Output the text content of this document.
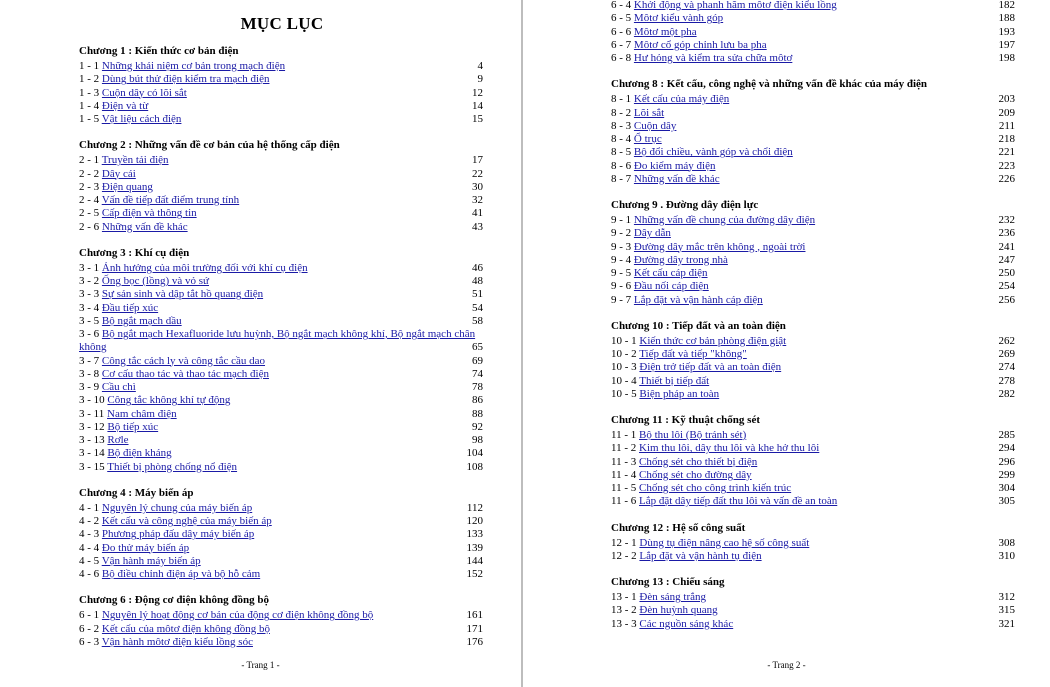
MỤC LỤC
Chương 1 : Kiến thức cơ bản điện
1 - 1 Những khái niệm cơ bản trong mạch điện	4
1 - 2 Dùng bút thử điện kiểm tra mạch điện	9
1 - 3 Cuộn dây có lõi sắt	12
1 - 4 Điện và từ	14
1 - 5 Vật liệu cách điện	15
Chương 2 : Những vấn đề cơ bản của hệ thống cấp điện
2 - 1 Truyền tải điện	17
2 - 2 Dây cái	22
2 - 3 Điện quang	30
2 - 4 Vấn đề tiếp đất điểm trung tính	32
2 - 5 Cấp điện và thông tin	41
2 - 6 Những vấn đề khác	43
Chương 3 : Khí cụ điện
3 - 1 Ảnh hưởng của môi trường đối với khí cụ điện	46
3 - 2 Ống bọc (lồng) và vỏ sứ	48
3 - 3 Sự sản sinh và dập tắt hồ quang điện	51
3 - 4 Đầu tiếp xúc	54
3 - 5 Bộ ngắt mạch dầu	58
3 - 6 Bộ ngắt mạch Hexafluoride lưu huỳnh, Bộ ngắt mạch không khí, Bộ ngắt mạch chân không	65
3 - 7 Công tắc cách ly và công tắc cầu dao	69
3 - 8 Cơ cấu thao tác và thao tác mạch điện	74
3 - 9 Cầu chì	78
3 - 10 Công tắc không khí tự động	86
3 - 11 Nam châm điện	88
3 - 12 Bộ tiếp xúc	92
3 - 13 Rơle	98
3 - 14 Bộ điện kháng	104
3 - 15 Thiết bị phòng chống nổ điện	108
Chương 4 : Máy biến áp
4 - 1 Nguyên lý chung của máy biến áp	112
4 - 2 Kết cấu và công nghệ của máy biến áp	120
4 - 3 Phương pháp đấu dây máy biến áp	133
4 - 4 Đo thử máy biến áp	139
4 - 5 Vận hành máy biến áp	144
4 - 6 Bộ điều chỉnh điện áp và bộ hỗ cảm	152
Chương 6 : Động cơ điện không đồng bộ
6 - 1 Nguyên lý hoạt động cơ bản của động cơ điện không đồng bộ	161
6 - 2 Kết cấu của môtơ điện không đồng bộ	171
6 - 3 Vận hành môtơ điện kiểu lồng sóc	176
- Trang 1 -
6 - 4 Khởi động và phanh hãm môtơ điện kiểu lồng	182
6 - 5 Môtơ kiểu vành góp	188
6 - 6 Môtơ một pha	193
6 - 7 Môtơ cổ góp chỉnh lưu ba pha	197
6 - 8 Hư hỏng và kiểm tra sửa chữa môtơ	198
Chương 8 : Kết cấu, công nghệ và những vấn đề khác của máy điện
8 - 1 Kết cấu của máy điện	203
8 - 2 Lõi sắt	209
8 - 3 Cuộn dây	211
8 - 4 Ổ trục	218
8 - 5 Bộ đổi chiều, vành góp và chổi điện	221
8 - 6 Đo kiểm máy điện	223
8 - 7 Những vấn đề khác	226
Chương 9 . Đường dây điện lực
9 - 1 Những vấn đề chung của đường dây điện	232
9 - 2 Dây dẫn	236
9 - 3 Đường dây mắc trên không , ngoài trời	241
9 - 4 Đường dây trong nhà	247
9 - 5 Kết cấu cáp điện	250
9 - 6 Đầu nối cáp điện	254
9 - 7 Lắp đặt và vận hành cáp điện	256
Chương 10 : Tiếp đất và an toàn điện
10 - 1 Kiến thức cơ bản phòng điện giật	262
10 - 2 Tiếp đất và tiếp "không"	269
10 - 3 Điện trở tiếp đất và an toàn điện	274
10 - 4 Thiết bị tiếp đất	278
10 - 5 Biện pháp an toàn	282
Chương 11 : Kỹ thuật chống sét
11 - 1 Bộ thu lôi (Bộ tránh sét)	285
11 - 2 Kim thu lôi, dây thu lôi và khe hở thu lôi	294
11 - 3 Chống sét cho thiết bị điện	296
11 - 4 Chống sét cho đường dây	299
11 - 5 Chống sét cho công trình kiến trúc	304
11 - 6 Lắp đặt dây tiếp đất thu lôi và vấn đề an toàn	305
Chương 12 : Hệ số công suất
12 - 1 Dùng tụ điện nâng cao hệ số công suất	308
12 - 2 Lắp đặt và vận hành tụ điện	310
Chương 13 : Chiếu sáng
13 - 1 Đèn sáng trắng	312
13 - 2 Đèn huỳnh quang	315
13 - 3 Các nguồn sáng khác	321
- Trang 2 -
